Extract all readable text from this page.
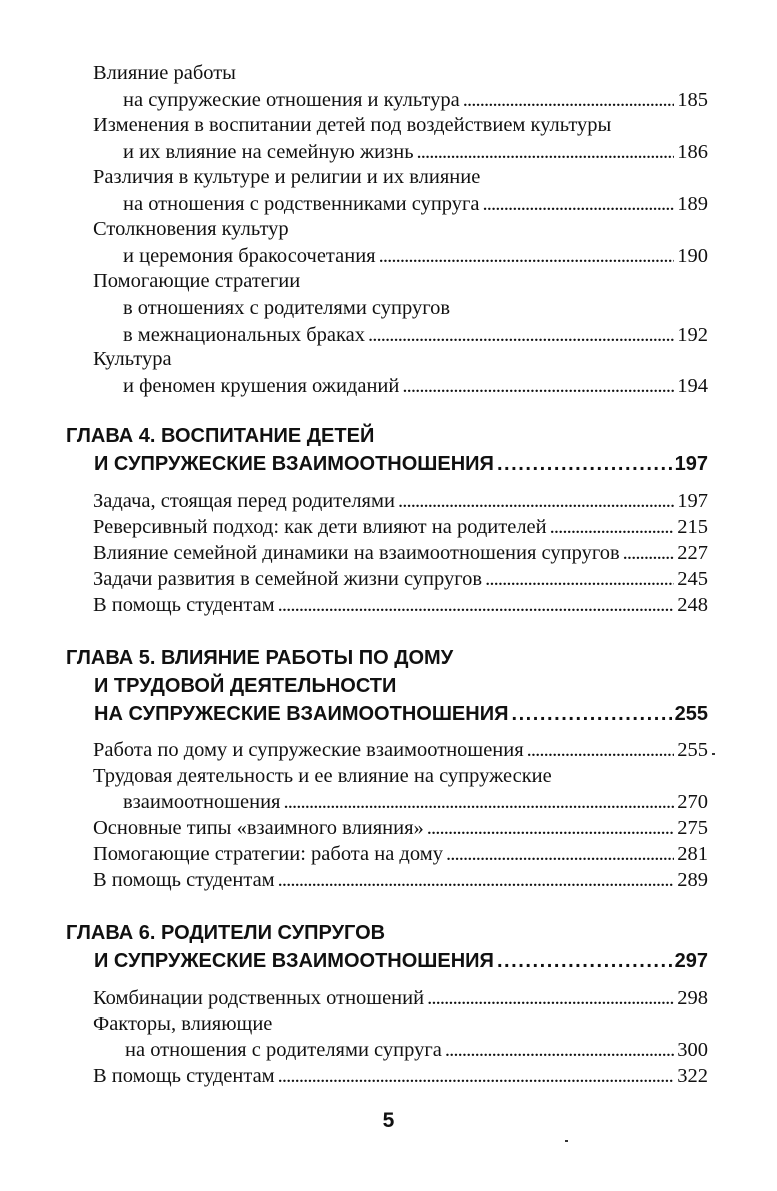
Влияние работы
на супружеские отношения и культура . . .	185
Изменения в воспитании детей под воздействием культуры
и их влияние на семейную жизнь . . .	186
Различия в культуре и религии и их влияние
на отношения с родственниками супруга . . .	189
Столкновения культур
и церемония бракосочетания . . .	190
Помогающие стратегии
в отношениях с родителями супругов
в межнациональных браках . . .	192
Культура
и феномен крушения ожиданий . . .	194
ГЛАВА 4. ВОСПИТАНИЕ ДЕТЕЙ
И СУПРУЖЕСКИЕ ВЗАИМООТНОШЕНИЯ . . .	197
Задача, стоящая перед родителями . . .	197
Реверсивный подход: как дети влияют на родителей . . .	215
Влияние семейной динамики на взаимоотношения супругов . . .	227
Задачи развития в семейной жизни супругов . . .	245
В помощь студентам . . .	248
ГЛАВА 5. ВЛИЯНИЕ РАБОТЫ ПО ДОМУ
И ТРУДОВОЙ ДЕЯТЕЛЬНОСТИ
НА СУПРУЖЕСКИЕ ВЗАИМООТНОШЕНИЯ . . .	255
Работа по дому и супружеские взаимоотношения . . .	255
Трудовая деятельность и ее влияние на супружеские
взаимоотношения . . .	270
Основные типы «взаимного влияния» . . .	275
Помогающие стратегии: работа на дому . . .	281
В помощь студентам . . .	289
ГЛАВА 6. РОДИТЕЛИ СУПРУГОВ
И СУПРУЖЕСКИЕ ВЗАИМООТНОШЕНИЯ . . .	297
Комбинации родственных отношений . . .	298
Факторы, влияющие
на отношения с родителями супруга . . .	300
В помощь студентам . . .	322
5
